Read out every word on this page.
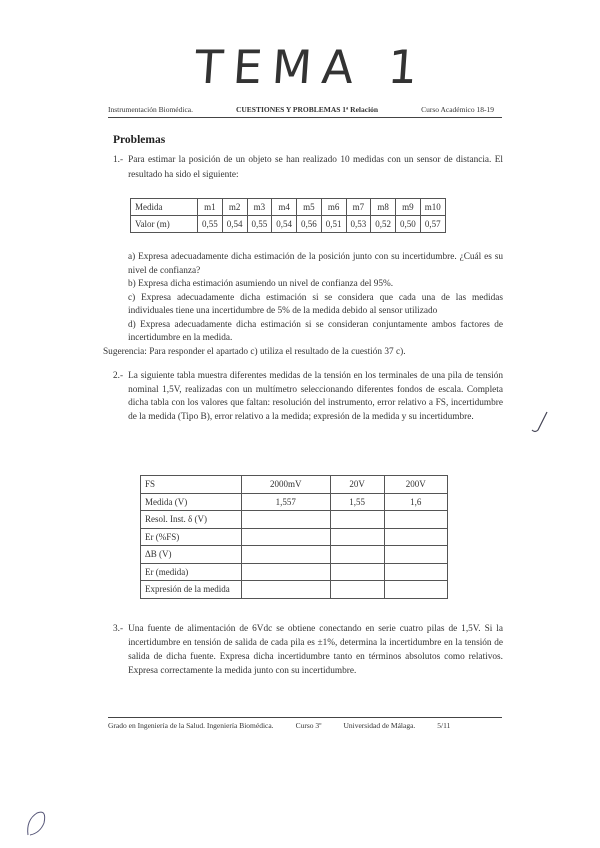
TEMA 1
Instrumentación Biomédica.	CUESTIONES Y PROBLEMAS 1ª Relación	Curso Académico 18-19
Problemas
1.- Para estimar la posición de un objeto se han realizado 10 medidas con un sensor de distancia. El resultado ha sido el siguiente:
Medida	m1	m2	m3	m4	m5	m6	m7	m8	m9	m10
Valor (m)	0,55	0,54	0,55	0,54	0,56	0,51	0,53	0,52	0,50	0,57
a) Expresa adecuadamente dicha estimación de la posición junto con su incertidumbre. ¿Cuál es su nivel de confianza?
b) Expresa dicha estimación asumiendo un nivel de confianza del 95%.
c) Expresa adecuadamente dicha estimación si se considera que cada una de las medidas individuales tiene una incertidumbre de 5% de la medida debido al sensor utilizado
d) Expresa adecuadamente dicha estimación si se consideran conjuntamente ambos factores de incertidumbre en la medida.
Sugerencia: Para responder el apartado c) utiliza el resultado de la cuestión 37 c).
2.- La siguiente tabla muestra diferentes medidas de la tensión en los terminales de una pila de tensión nominal 1,5V, realizadas con un multímetro seleccionando diferentes fondos de escala. Completa dicha tabla con los valores que faltan: resolución del instrumento, error relativo a FS, incertidumbre de la medida (Tipo B), error relativo a la medida; expresión de la medida y su incertidumbre.
FS	2000mV	20V	200V
Medida (V)	1,557	1,55	1,6
Resol. Inst. δ (V)			
Er (%FS)			
ΔB (V)			
Er (medida)			
Expresión de la medida			
3.- Una fuente de alimentación de 6Vdc se obtiene conectando en serie cuatro pilas de 1,5V. Si la incertidumbre en tensión de salida de cada pila es ±1%, determina la incertidumbre en la tensión de salida de dicha fuente. Expresa dicha incertidumbre tanto en términos absolutos como relativos. Expresa correctamente la medida junto con su incertidumbre.
Grado en Ingeniería de la Salud. Ingeniería Biomédica.	Curso 3º	Universidad de Málaga.	5/11
